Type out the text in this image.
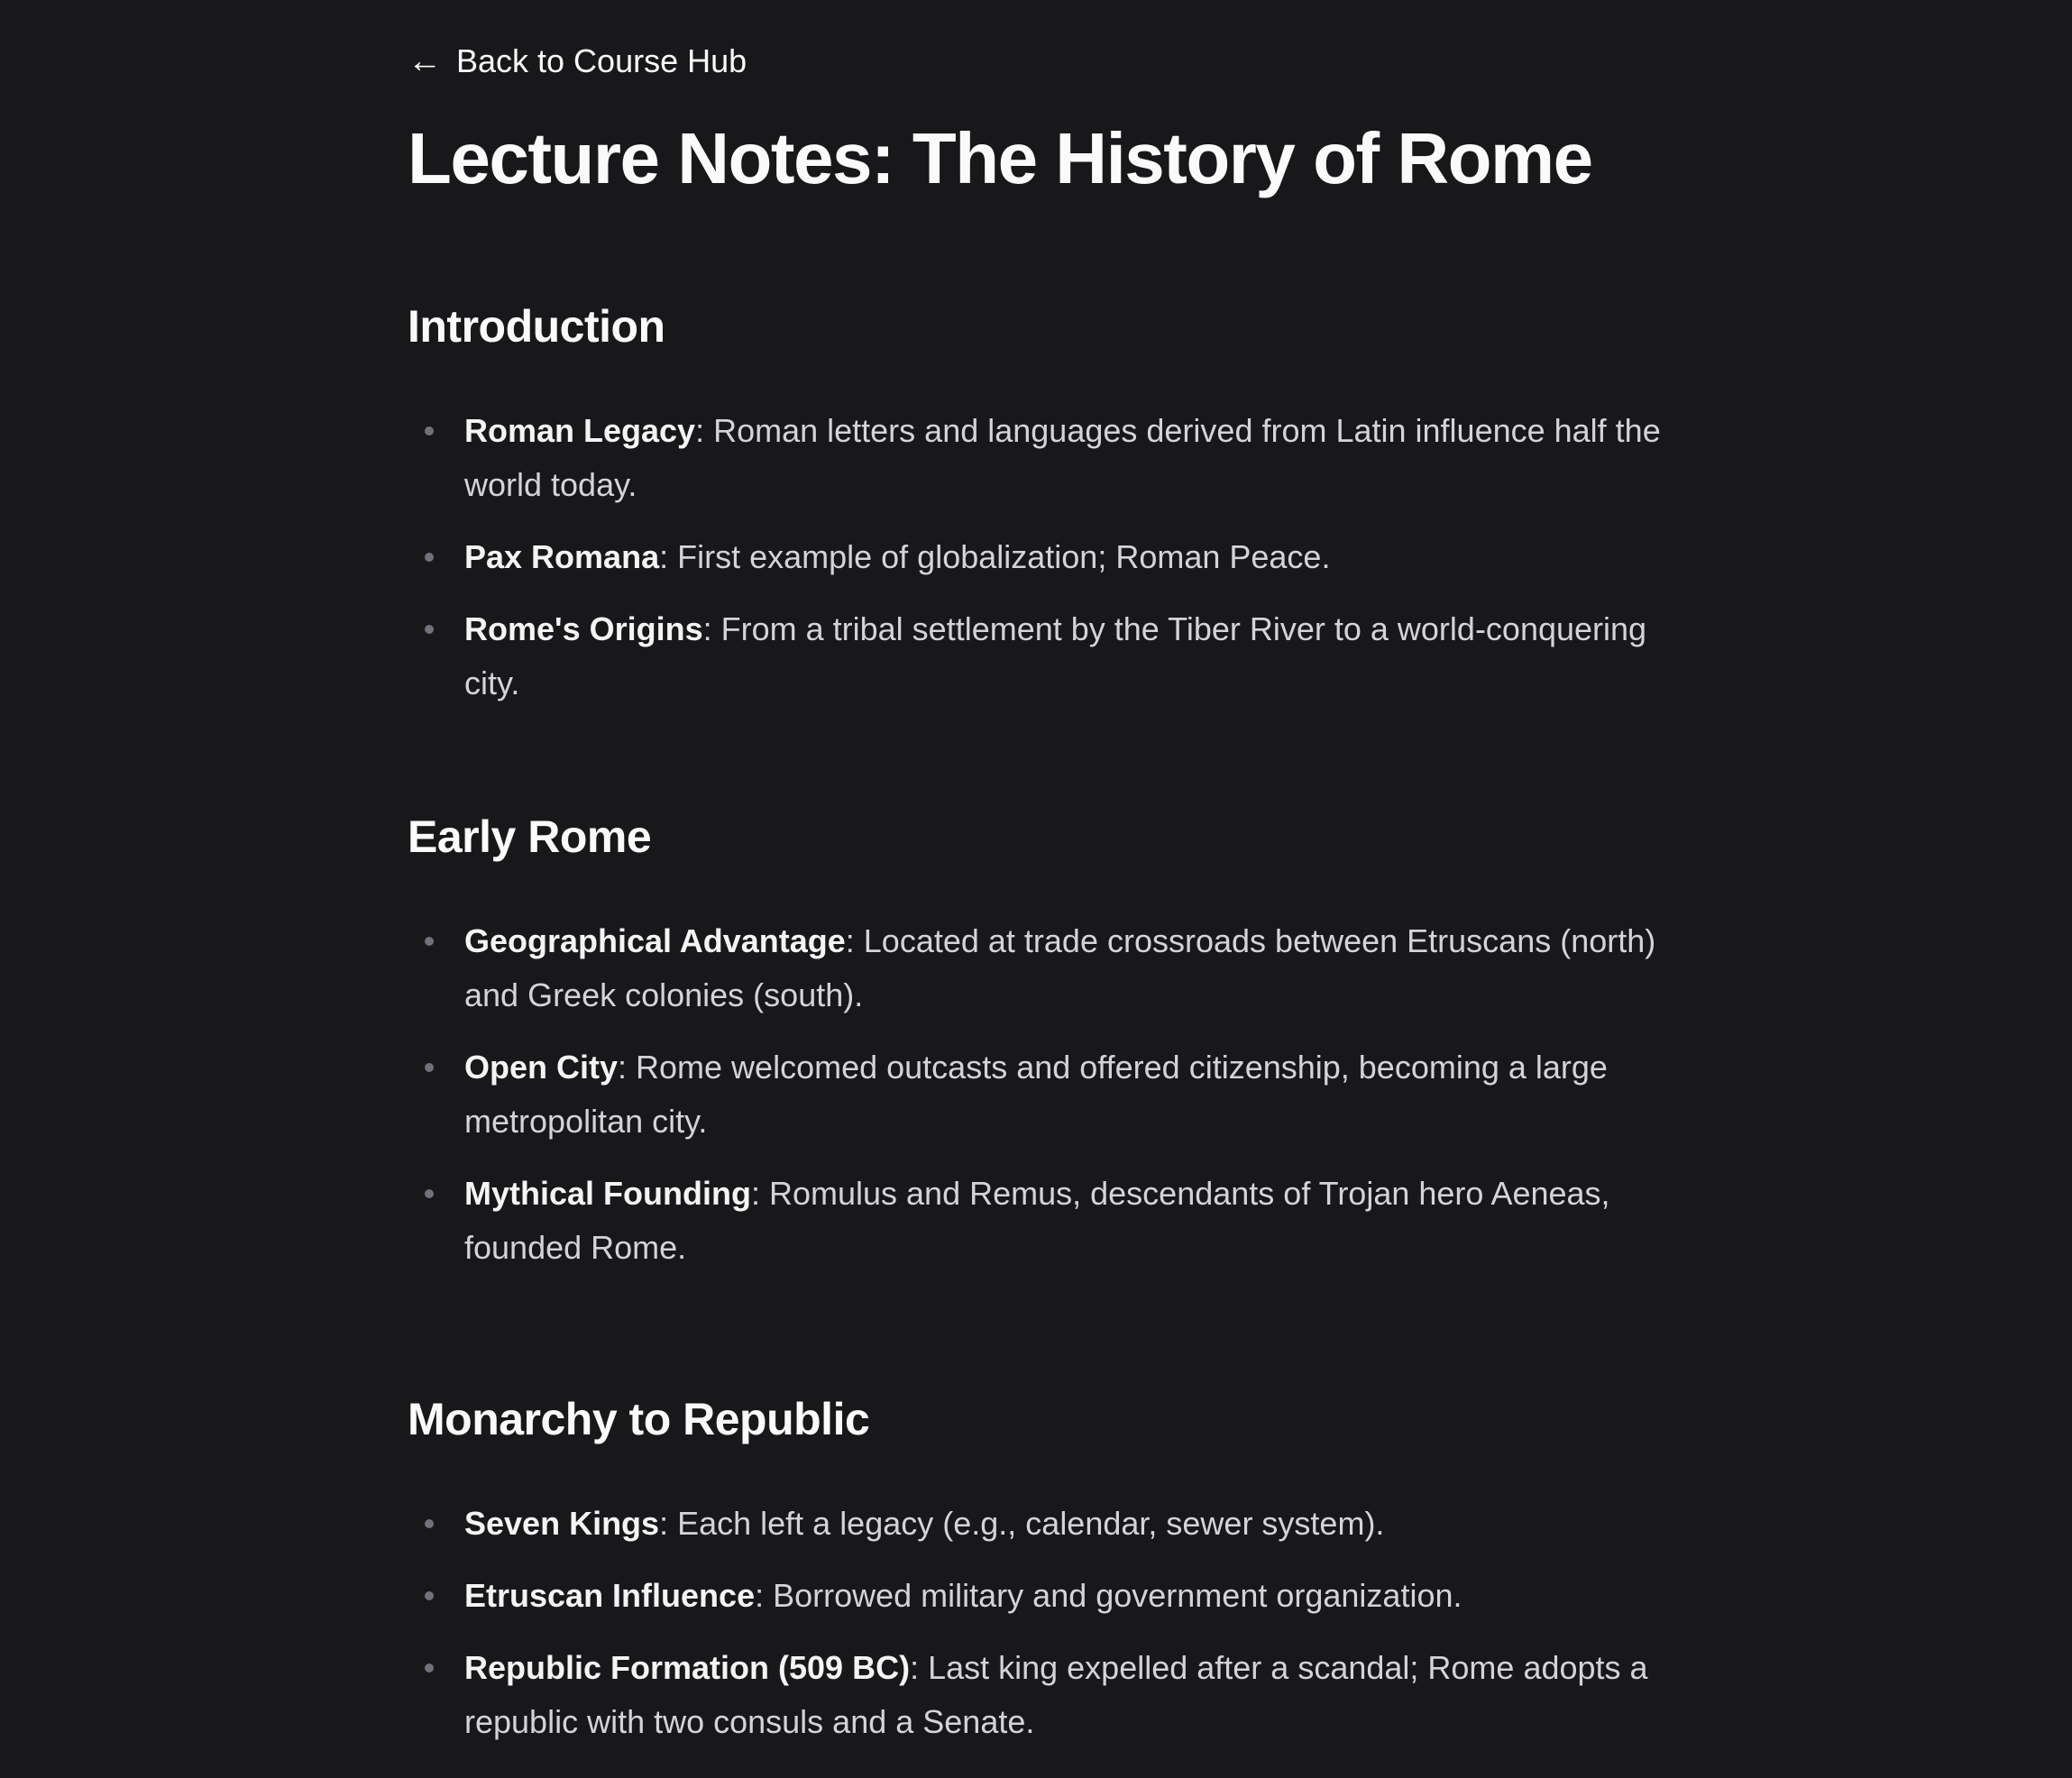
← Back to Course Hub
Lecture Notes: The History of Rome
Introduction
Roman Legacy: Roman letters and languages derived from Latin influence half the world today.
Pax Romana: First example of globalization; Roman Peace.
Rome's Origins: From a tribal settlement by the Tiber River to a world-conquering city.
Early Rome
Geographical Advantage: Located at trade crossroads between Etruscans (north) and Greek colonies (south).
Open City: Rome welcomed outcasts and offered citizenship, becoming a large metropolitan city.
Mythical Founding: Romulus and Remus, descendants of Trojan hero Aeneas, founded Rome.
Monarchy to Republic
Seven Kings: Each left a legacy (e.g., calendar, sewer system).
Etruscan Influence: Borrowed military and government organization.
Republic Formation (509 BC): Last king expelled after a scandal; Rome adopts a republic with two consuls and a Senate.
